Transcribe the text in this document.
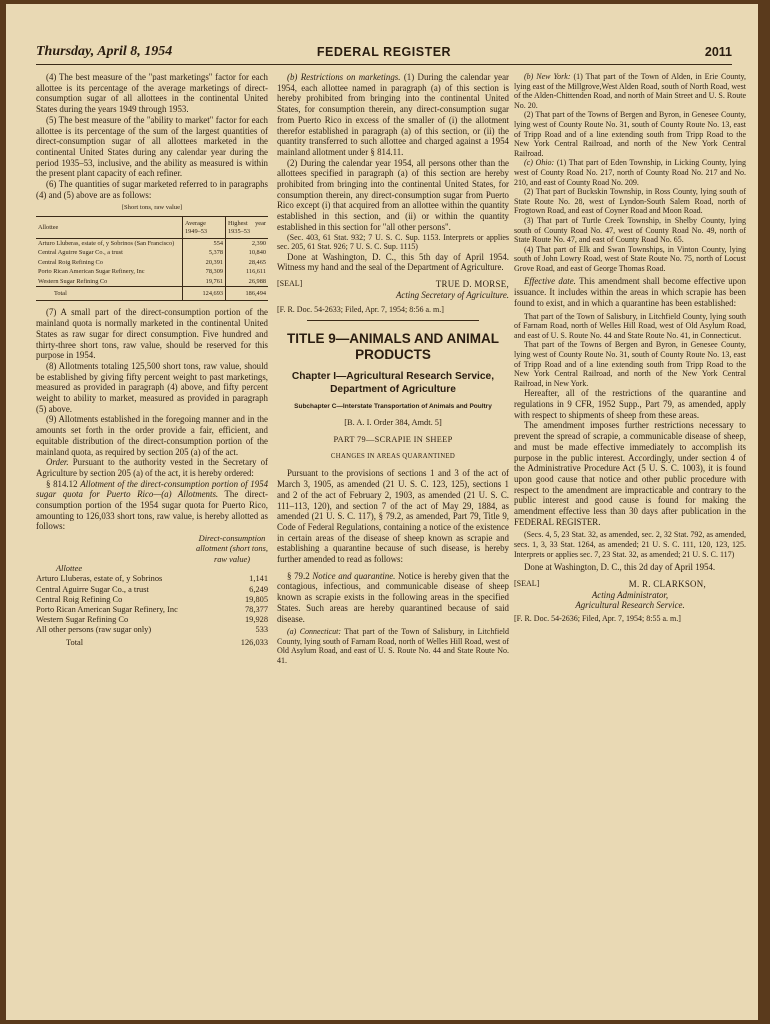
Thursday, April 8, 1954	FEDERAL REGISTER	2011

(4) The best measure of the "past marketings" factor for each allottee is its percentage of the average marketings of direct-consumption sugar of all allottees in the continental United States during the years 1949 through 1953.

(5) The best measure of the "ability to market" factor for each allottee is its percentage of the sum of the largest quantities of direct-consumption sugar of all allottees marketed in the continental United States during any calendar year during the period 1935–53, inclusive, and the ability as measured is within the present plant capacity of each refiner.

(6) The quantities of sugar marketed referred to in paragraphs (4) and (5) above are as follows:

[Short tons, raw value]
Allottee	Average 1949–53	Highest year 1935–53
Arturo Lluberas, estate of, y Sobrinos (San Francisco)	554	2,390
Central Aguirre Sugar Co., a trust	5,378	10,840
Central Roig Refining Co	20,391	28,465
Porto Rican American Sugar Refinery, Inc	78,309	116,611
Western Sugar Refining Co	19,761	26,988
Total	124,693	186,494

(7) A small part of the direct-consumption portion of the mainland quota is normally marketed in the continental United States as raw sugar for direct consumption. Five hundred and thirty-three short tons, raw value, should be reserved for this purpose in 1954.

(8) Allotments totaling 125,500 short tons, raw value, should be established by giving fifty percent weight to past marketings, measured as provided in paragraph (4) above, and fifty percent weight to ability to market, measured as provided in paragraph (5) above.

(9) Allotments established in the foregoing manner and in the amounts set forth in the order provide a fair, efficient, and equitable distribution of the direct-consumption portion of the mainland quota, as required by section 205 (a) of the act.

Order. Pursuant to the authority vested in the Secretary of Agriculture by section 205 (a) of the act, it is hereby ordered:

§ 814.12 Allotment of the direct-consumption portion of 1954 sugar quota for Puerto Rico—(a) Allotments. The direct-consumption portion of the 1954 sugar quota for Puerto Rico, amounting to 126,033 short tons, raw value, is hereby allotted as follows:

Allottee
Direct-consumption allotment (short tons, raw value)
Arturo Lluberas, estate of, y Sobrinos	1,141
Central Aguirre Sugar Co., a trust	6,249
Central Roig Refining Co	19,805
Porto Rican American Sugar Refinery, Inc	78,377
Western Sugar Refining Co	19,928
All other persons (raw sugar only)	533
Total	126,033

(b) Restrictions on marketings. (1) During the calendar year 1954, each allottee named in paragraph (a) of this section is hereby prohibited from bringing into the continental United States, for consumption therein, any direct-consumption sugar from Puerto Rico in excess of the smaller of (i) the allotment therefor established in paragraph (a) of this section, or (ii) the quantity transferred to such allottee and charged against a 1954 mainland allotment under § 814.11.

(2) During the calendar year 1954, all persons other than the allottees specified in paragraph (a) of this section are hereby prohibited from bringing into the continental United States, for consumption therein, any direct-consumption sugar from Puerto Rico except (i) that acquired from an allottee within the quantity established in this section, and (ii) or within the quantity established in this section for "all other persons".

(Sec. 403, 61 Stat. 932; 7 U. S. C. Sup. 1153. Interprets or applies sec. 205, 61 Stat. 926; 7 U. S. C. Sup. 1115)

Done at Washington, D. C., this 5th day of April 1954. Witness my hand and the seal of the Department of Agriculture.

[SEAL]	TRUE D. MORSE,
Acting Secretary of Agriculture.

[F. R. Doc. 54-2633; Filed, Apr. 7, 1954; 8:56 a. m.]

TITLE 9—ANIMALS AND ANIMAL PRODUCTS
Chapter I—Agricultural Research Service, Department of Agriculture
Subchapter C—Interstate Transportation of Animals and Poultry
[B. A. I. Order 384, Amdt. 5]
PART 79—SCRAPIE IN SHEEP
CHANGES IN AREAS QUARANTINED

Pursuant to the provisions of sections 1 and 3 of the act of March 3, 1905, as amended (21 U. S. C. 123, 125), sections 1 and 2 of the act of February 2, 1903, as amended (21 U. S. C. 111–113, 120), and section 7 of the act of May 29, 1884, as amended (21 U. S. C. 117), § 79.2, as amended, Part 79, Title 9, Code of Federal Regulations, containing a notice of the existence in certain areas of the disease of sheep known as scrapie and establishing a quarantine because of such disease, is hereby further amended to read as follows:

§ 79.2 Notice and quarantine. Notice is hereby given that the contagious, infectious, and communicable disease of sheep known as scrapie exists in the following areas in the specified States. Such areas are hereby quarantined because of said disease.

(a) Connecticut: That part of the Town of Salisbury, in Litchfield County, lying south of Farnam Road, north of Welles Hill Road, west of Old Asylum Road, and east of U. S. Route No. 44 and State Route No. 41.

(b) New York: (1) That part of the Town of Alden, in Erie County, lying east of the Millgrove,West Alden Road, south of North Road, west of the Alden-Chittenden Road, and north of Main Street and U. S. Route No. 20.

(2) That part of the Towns of Bergen and Byron, in Genesee County, lying west of County Route No. 31, south of County Route No. 13, east of Tripp Road and of a line extending south from Tripp Road to the New York Central Railroad, and north of the New York Central Railroad.

(c) Ohio: (1) That part of Eden Township, in Licking County, lying west of County Road No. 217, north of County Road No. 217 and No. 210, and east of County Road No. 209.

(2) That part of Buckskin Township, in Ross County, lying south of State Route No. 28, west of Lyndon-South Salem Road, north of Frogtown Road, and east of Coyner Road and Moon Road.

(3) That part of Turtle Creek Township, in Shelby County, lying south of County Road No. 47, west of County Road No. 49, north of State Route No. 47, and east of County Road No. 65.

(4) That part of Elk and Swan Townships, in Vinton County, lying south of John Lowry Road, west of State Route No. 75, north of Locust Grove Road, and east of George Thomas Road.

Effective date. This amendment shall become effective upon issuance. It includes within the areas in which scrapie has been found to exist, and in which a quarantine has been established:

That part of the Town of Salisbury, in Litchfield County, lying south of Farnam Road, north of Welles Hill Road, west of Old Asylum Road, and east of U. S. Route No. 44 and State Route No. 41, in Connecticut.

That part of the Towns of Bergen and Byron, in Genesee County, lying west of County Route No. 31, south of County Route No. 13, east of Tripp Road and of a line extending south from Tripp Road to the New York Central Railroad, and north of the New York Central Railroad, in New York.

Hereafter, all of the restrictions of the quarantine and regulations in 9 CFR, 1952 Supp., Part 79, as amended, apply with respect to shipments of sheep from these areas.

The amendment imposes further restrictions necessary to prevent the spread of scrapie, a communicable disease of sheep, and must be made effective immediately to accomplish its purpose in the public interest. Accordingly, under section 4 of the Administrative Procedure Act (5 U. S. C. 1003), it is found upon good cause that notice and other public procedure with respect to the amendment are impracticable and contrary to the public interest and good cause is found for making the amendment effective less than 30 days after publication in the FEDERAL REGISTER.

(Secs. 4, 5, 23 Stat. 32, as amended, sec. 2, 32 Stat. 792, as amended, secs. 1, 3, 33 Stat. 1264, as amended; 21 U. S. C. 111, 120, 123, 125. Interprets or applies sec. 7, 23 Stat. 32, as amended; 21 U. S. C. 117)

Done at Washington, D. C., this 2d day of April 1954.

[SEAL]	M. R. CLARKSON,
Acting Administrator,
Agricultural Research Service.

[F. R. Doc. 54-2636; Filed, Apr. 7, 1954; 8:55 a. m.]
